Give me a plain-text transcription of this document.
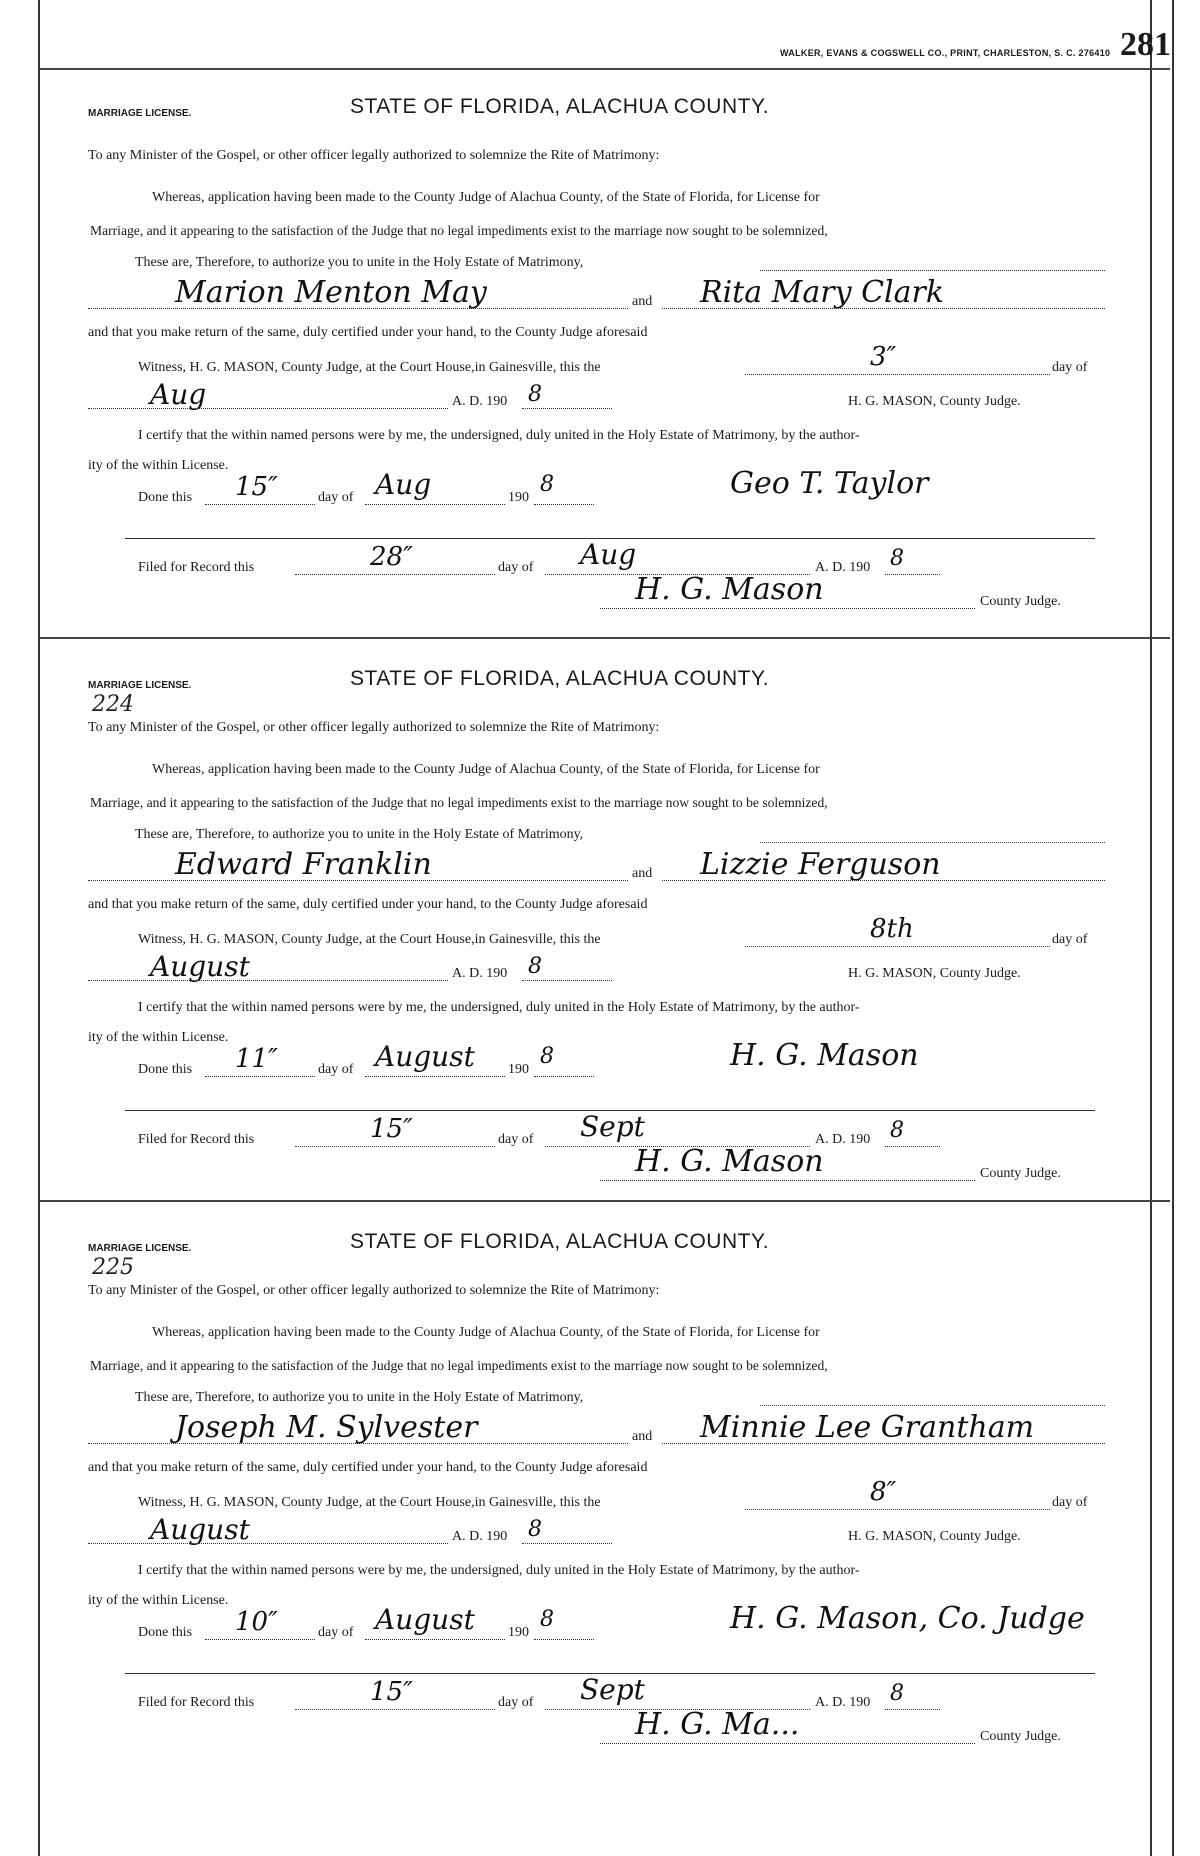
WALKER, EVANS & COGSWELL CO., PRINT, CHARLESTON, S. C. 276410 281
MARRIAGE LICENSE.	STATE OF FLORIDA, ALACHUA COUNTY.
To any Minister of the Gospel, or other officer legally authorized to solemnize the Rite of Matrimony:
Whereas, application having been made to the County Judge of Alachua County, of the State of Florida, for License for
Marriage, and it appearing to the satisfaction of the Judge that no legal impediments exist to the marriage now sought to be solemnized,
These are, Therefore, to authorize you to unite in the Holy Estate of Matrimony,
Marion Menton May	and Rita Mary Clark
and that you make return of the same, duly certified under your hand, to the County Judge aforesaid
Witness, H. G. MASON, County Judge, at the Court House,in Gainesville, this the	3″	day of
Aug	A. D. 190 8	H. G. MASON, County Judge.
I certify that the within named persons were by me, the undersigned, duly united in the Holy Estate of Matrimony, by the author-
ity of the within License.
Done this 15″	day of Aug	190
8	Geo T. Taylor
Filed for Record this	28″	day of Aug	A. D. 190 8
H. G. Mason	County Judge.
MARRIAGE LICENSE.	STATE OF FLORIDA, ALACHUA COUNTY.
224
To any Minister of the Gospel, or other officer legally authorized to solemnize the Rite of Matrimony:
Whereas, application having been made to the County Judge of Alachua County, of the State of Florida, for License for
Marriage, and it appearing to the satisfaction of the Judge that no legal impediments exist to the marriage now sought to be solemnized,
These are, Therefore, to authorize you to unite in the Holy Estate of Matrimony,
Edward Franklin	and Lizzie Ferguson
and that you make return of the same, duly certified under your hand, to the County Judge aforesaid
Witness, H. G. MASON, County Judge, at the Court House,in Gainesville, this the	8th	day of
August	A. D. 190 8	H. G. MASON, County Judge.
I certify that the within named persons were by me, the undersigned, duly united in the Holy Estate of Matrimony, by the author-
ity of the within License.
Done this 11″	day of August 190
8	H. G. Mason
Filed for Record this	15″	day of Sept	A. D. 190 8
H. G. Mason	County Judge.
MARRIAGE LICENSE.	STATE OF FLORIDA, ALACHUA COUNTY.
225
To any Minister of the Gospel, or other officer legally authorized to solemnize the Rite of Matrimony:
Whereas, application having been made to the County Judge of Alachua County, of the State of Florida, for License for
Marriage, and it appearing to the satisfaction of the Judge that no legal impediments exist to the marriage now sought to be solemnized,
These are, Therefore, to authorize you to unite in the Holy Estate of Matrimony,
Joseph M. Sylvester	and Minnie Lee Grantham
and that you make return of the same, duly certified under your hand, to the County Judge aforesaid
Witness, H. G. MASON, County Judge, at the Court House,in Gainesville, this the	8″	day of
August	A. D. 190 8	H. G. MASON, County Judge.
I certify that the within named persons were by me, the undersigned, duly united in the Holy Estate of Matrimony, by the author-
ity of the within License.
Done this 10″	day of August 190
8	H. G. Mason, Co. Judge
Filed for Record this	15″	day of Sept	A. D. 190 8
H. G. Ma...	County Judge.
